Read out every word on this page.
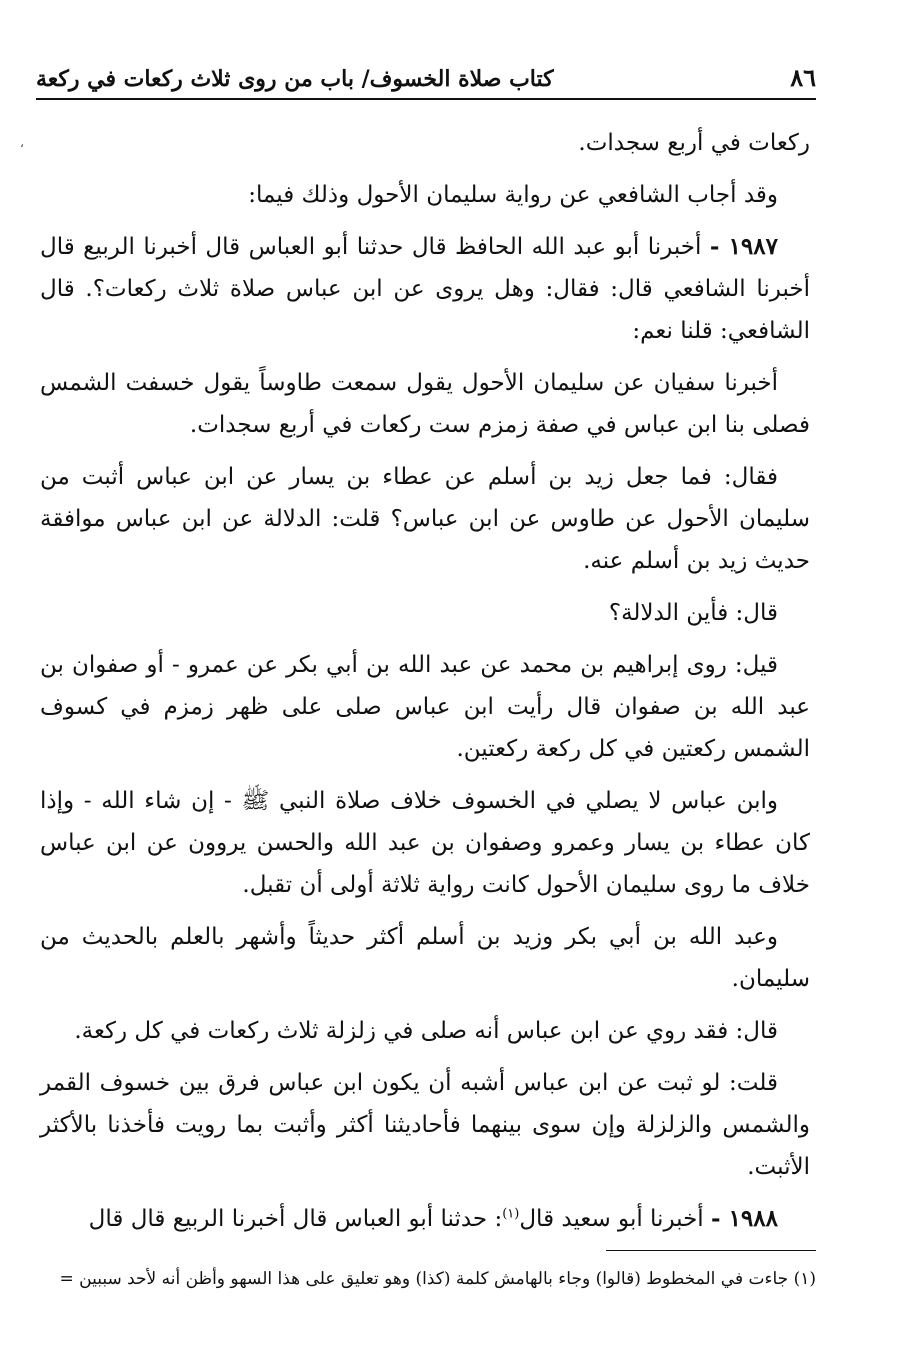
٨٦
كتاب صلاة الخسوف/ باب من روى ثلاث ركعات في ركعة
،	ركعات في أربع سجدات.

وقد أجاب الشافعي عن رواية سليمان الأحول وذلك فيما:

١٩٨٧ - أخبرنا أبو عبد الله الحافظ قال حدثنا أبو العباس قال أخبرنا الربيع قال أخبرنا الشافعي قال: فقال: وهل يروى عن ابن عباس صلاة ثلاث ركعات؟. قال الشافعي: قلنا نعم:

أخبرنا سفيان عن سليمان الأحول يقول سمعت طاوساً يقول خسفت الشمس فصلى بنا ابن عباس في صفة زمزم ست ركعات في أربع سجدات.

فقال: فما جعل زيد بن أسلم عن عطاء بن يسار عن ابن عباس أثبت من سليمان الأحول عن طاوس عن ابن عباس؟ قلت: الدلالة عن ابن عباس موافقة حديث زيد بن أسلم عنه.

قال: فأين الدلالة؟

قيل: روى إبراهيم بن محمد عن عبد الله بن أبي بكر عن عمرو - أو صفوان بن عبد الله بن صفوان قال رأيت ابن عباس صلى على ظهر زمزم في كسوف الشمس ركعتين في كل ركعة ركعتين.

وابن عباس لا يصلي في الخسوف خلاف صلاة النبي ﷺ - إن شاء الله - وإذا كان عطاء بن يسار وعمرو وصفوان بن عبد الله والحسن يروون عن ابن عباس خلاف ما روى سليمان الأحول كانت رواية ثلاثة أولى أن تقبل.

وعبد الله بن أبي بكر وزيد بن أسلم أكثر حديثاً وأشهر بالعلم بالحديث من سليمان.

قال: فقد روي عن ابن عباس أنه صلى في زلزلة ثلاث ركعات في كل ركعة.

قلت: لو ثبت عن ابن عباس أشبه أن يكون ابن عباس فرق بين خسوف القمر والشمس والزلزلة وإن سوى بينهما فأحاديثنا أكثر وأثبت بما رويت فأخذنا بالأكثر الأثبت.

١٩٨٨ - أخبرنا أبو سعيد قال$^{(١)}$: حدثنا أبو العباس قال أخبرنا الربيع قال قال

(١) جاءت في المخطوط (قالوا) وجاء بالهامش كلمة (كذا) وهو تعليق على هذا السهو وأظن أنه لأحد سببين =
